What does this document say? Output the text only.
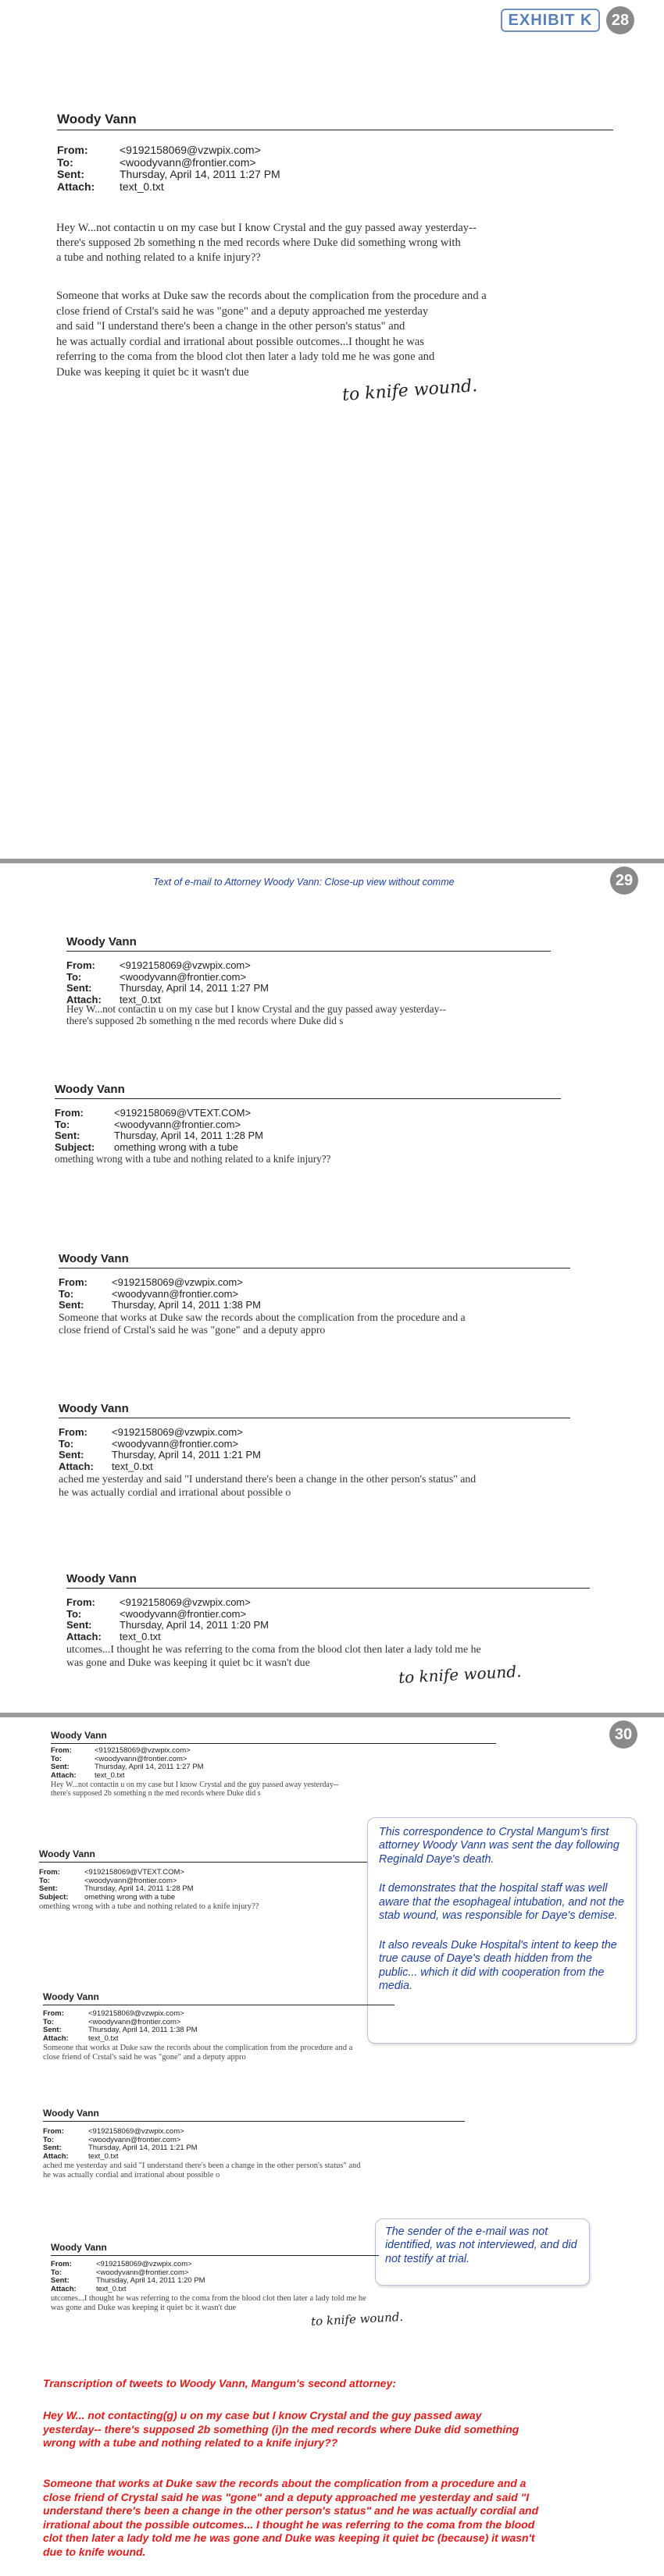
EXHIBIT K	28
Woody Vann
From:	<9192158069@vzwpix.com>
To:	<woodyvann@frontier.com>
Sent:	Thursday, April 14, 2011 1:27 PM
Attach:	text_0.txt
Hey W...not contactin u on my case but I know Crystal and the guy passed away yesterday--
there's supposed 2b something n the med records where Duke did something wrong with
a tube and nothing related to a knife injury??
Someone that works at Duke saw the records about the complication from the procedure and a
close friend of Crstal's said he was "gone" and a deputy approached me yesterday
and said "I understand there's been a change in the other person's status" and
he was actually cordial and irrational about possible outcomes...I thought he was
referring to the coma from the blood clot then later a lady told me he was gone and
Duke was keeping it quiet bc it wasn't due
to knife wound.
Text of e-mail to Attorney Woody Vann: Close-up view without comme	29
Woody Vann
From:	<9192158069@vzwpix.com>
To:	<woodyvann@frontier.com>
Sent:	Thursday, April 14, 2011 1:27 PM
Attach:	text_0.txt
Hey W...not contactin u on my case but I know Crystal and the guy passed away yesterday--
there's supposed 2b something n the med records where Duke did s
Woody Vann
From:	<9192158069@VTEXT.COM>
To:	<woodyvann@frontier.com>
Sent:	Thursday, April 14, 2011 1:28 PM
Subject:	omething wrong with a tube
omething wrong with a tube and nothing related to a knife injury??
Woody Vann
From:	<9192158069@vzwpix.com>
To:	<woodyvann@frontier.com>
Sent:	Thursday, April 14, 2011 1:38 PM
Someone that works at Duke saw the records about the complication from the procedure and a
close friend of Crstal's said he was "gone" and a deputy appro
Woody Vann
From:	<9192158069@vzwpix.com>
To:	<woodyvann@frontier.com>
Sent:	Thursday, April 14, 2011 1:21 PM
Attach:	text_0.txt
ached me yesterday and said "I understand there's been a change in the other person's status" and
he was actually cordial and irrational about possible o
Woody Vann
From:	<9192158069@vzwpix.com>
To:	<woodyvann@frontier.com>
Sent:	Thursday, April 14, 2011 1:20 PM
Attach:	text_0.txt
utcomes...I thought he was referring to the coma from the blood clot then later a lady told me he
was gone and Duke was keeping it quiet bc it wasn't due	to knife wound.
30
Woody Vann
From:	<9192158069@vzwpix.com>
To:	<woodyvann@frontier.com>
Sent:	Thursday, April 14, 2011 1:27 PM
Attach:	text_0.txt
Hey W...not contactin u on my case but I know Crystal and the guy passed away yesterday--
there's supposed 2b something n the med records where Duke did s
Woody Vann
From:	<9192158069@VTEXT.COM>
To:	<woodyvann@frontier.com>
Sent:	Thursday, April 14, 2011 1:28 PM
Subject:	omething wrong with a tube
omething wrong with a tube and nothing related to a knife injury??

This correspondence to Crystal Mangum's first attorney Woody Vann was sent the day following Reginald Daye's death.

It demonstrates that the hospital staff was well aware that the esophageal intubation, and not the stab wound, was responsible for Daye's demise.

It also reveals Duke Hospital's intent to keep the true cause of Daye's death hidden from the public... which it did with cooperation from the media.

Woody Vann
From:	<9192158069@vzwpix.com>
To:	<woodyvann@frontier.com>
Sent:	Thursday, April 14, 2011 1:38 PM
Attach:	text_0.txt
Someone that works at Duke saw the records about the complication from the procedure and a
close friend of Crstal's said he was "gone" and a deputy appro
Woody Vann
From:	<9192158069@vzwpix.com>
To:	<woodyvann@frontier.com>
Sent:	Thursday, April 14, 2011 1:21 PM
Attach:	text_0.txt
ached me yesterday and said "I understand there's been a change in the other person's status" and
he was actually cordial and irrational about possible o

The sender of the e-mail was not identified, was not interviewed, and did not testify at trial.

Woody Vann
From:	<9192158069@vzwpix.com>
To:	<woodyvann@frontier.com>
Sent:	Thursday, April 14, 2011 1:20 PM
Attach:	text_0.txt
utcomes...I thought he was referring to the coma from the blood clot then later a lady told me he
was gone and Duke was keeping it quiet bc it wasn't due
to knife wound.
Transcription of tweets to Woody Vann, Mangum's second attorney:

Hey W... not contacting(g) u on my case but I know Crystal and the guy passed away yesterday-- there's supposed 2b something (i)n the med records where Duke did something wrong with a tube and nothing related to a knife injury??

Someone that works at Duke saw the records about the complication from a procedure and a close friend of Crystal said he was "gone" and a deputy approached me yesterday and said "I understand there's been a change in the other person's status" and he was actually cordial and irrational about the possible outcomes... I thought he was referring to the coma from the blood clot then later a lady told me he was gone and Duke was keeping it quiet bc (because) it wasn't due to knife wound.
